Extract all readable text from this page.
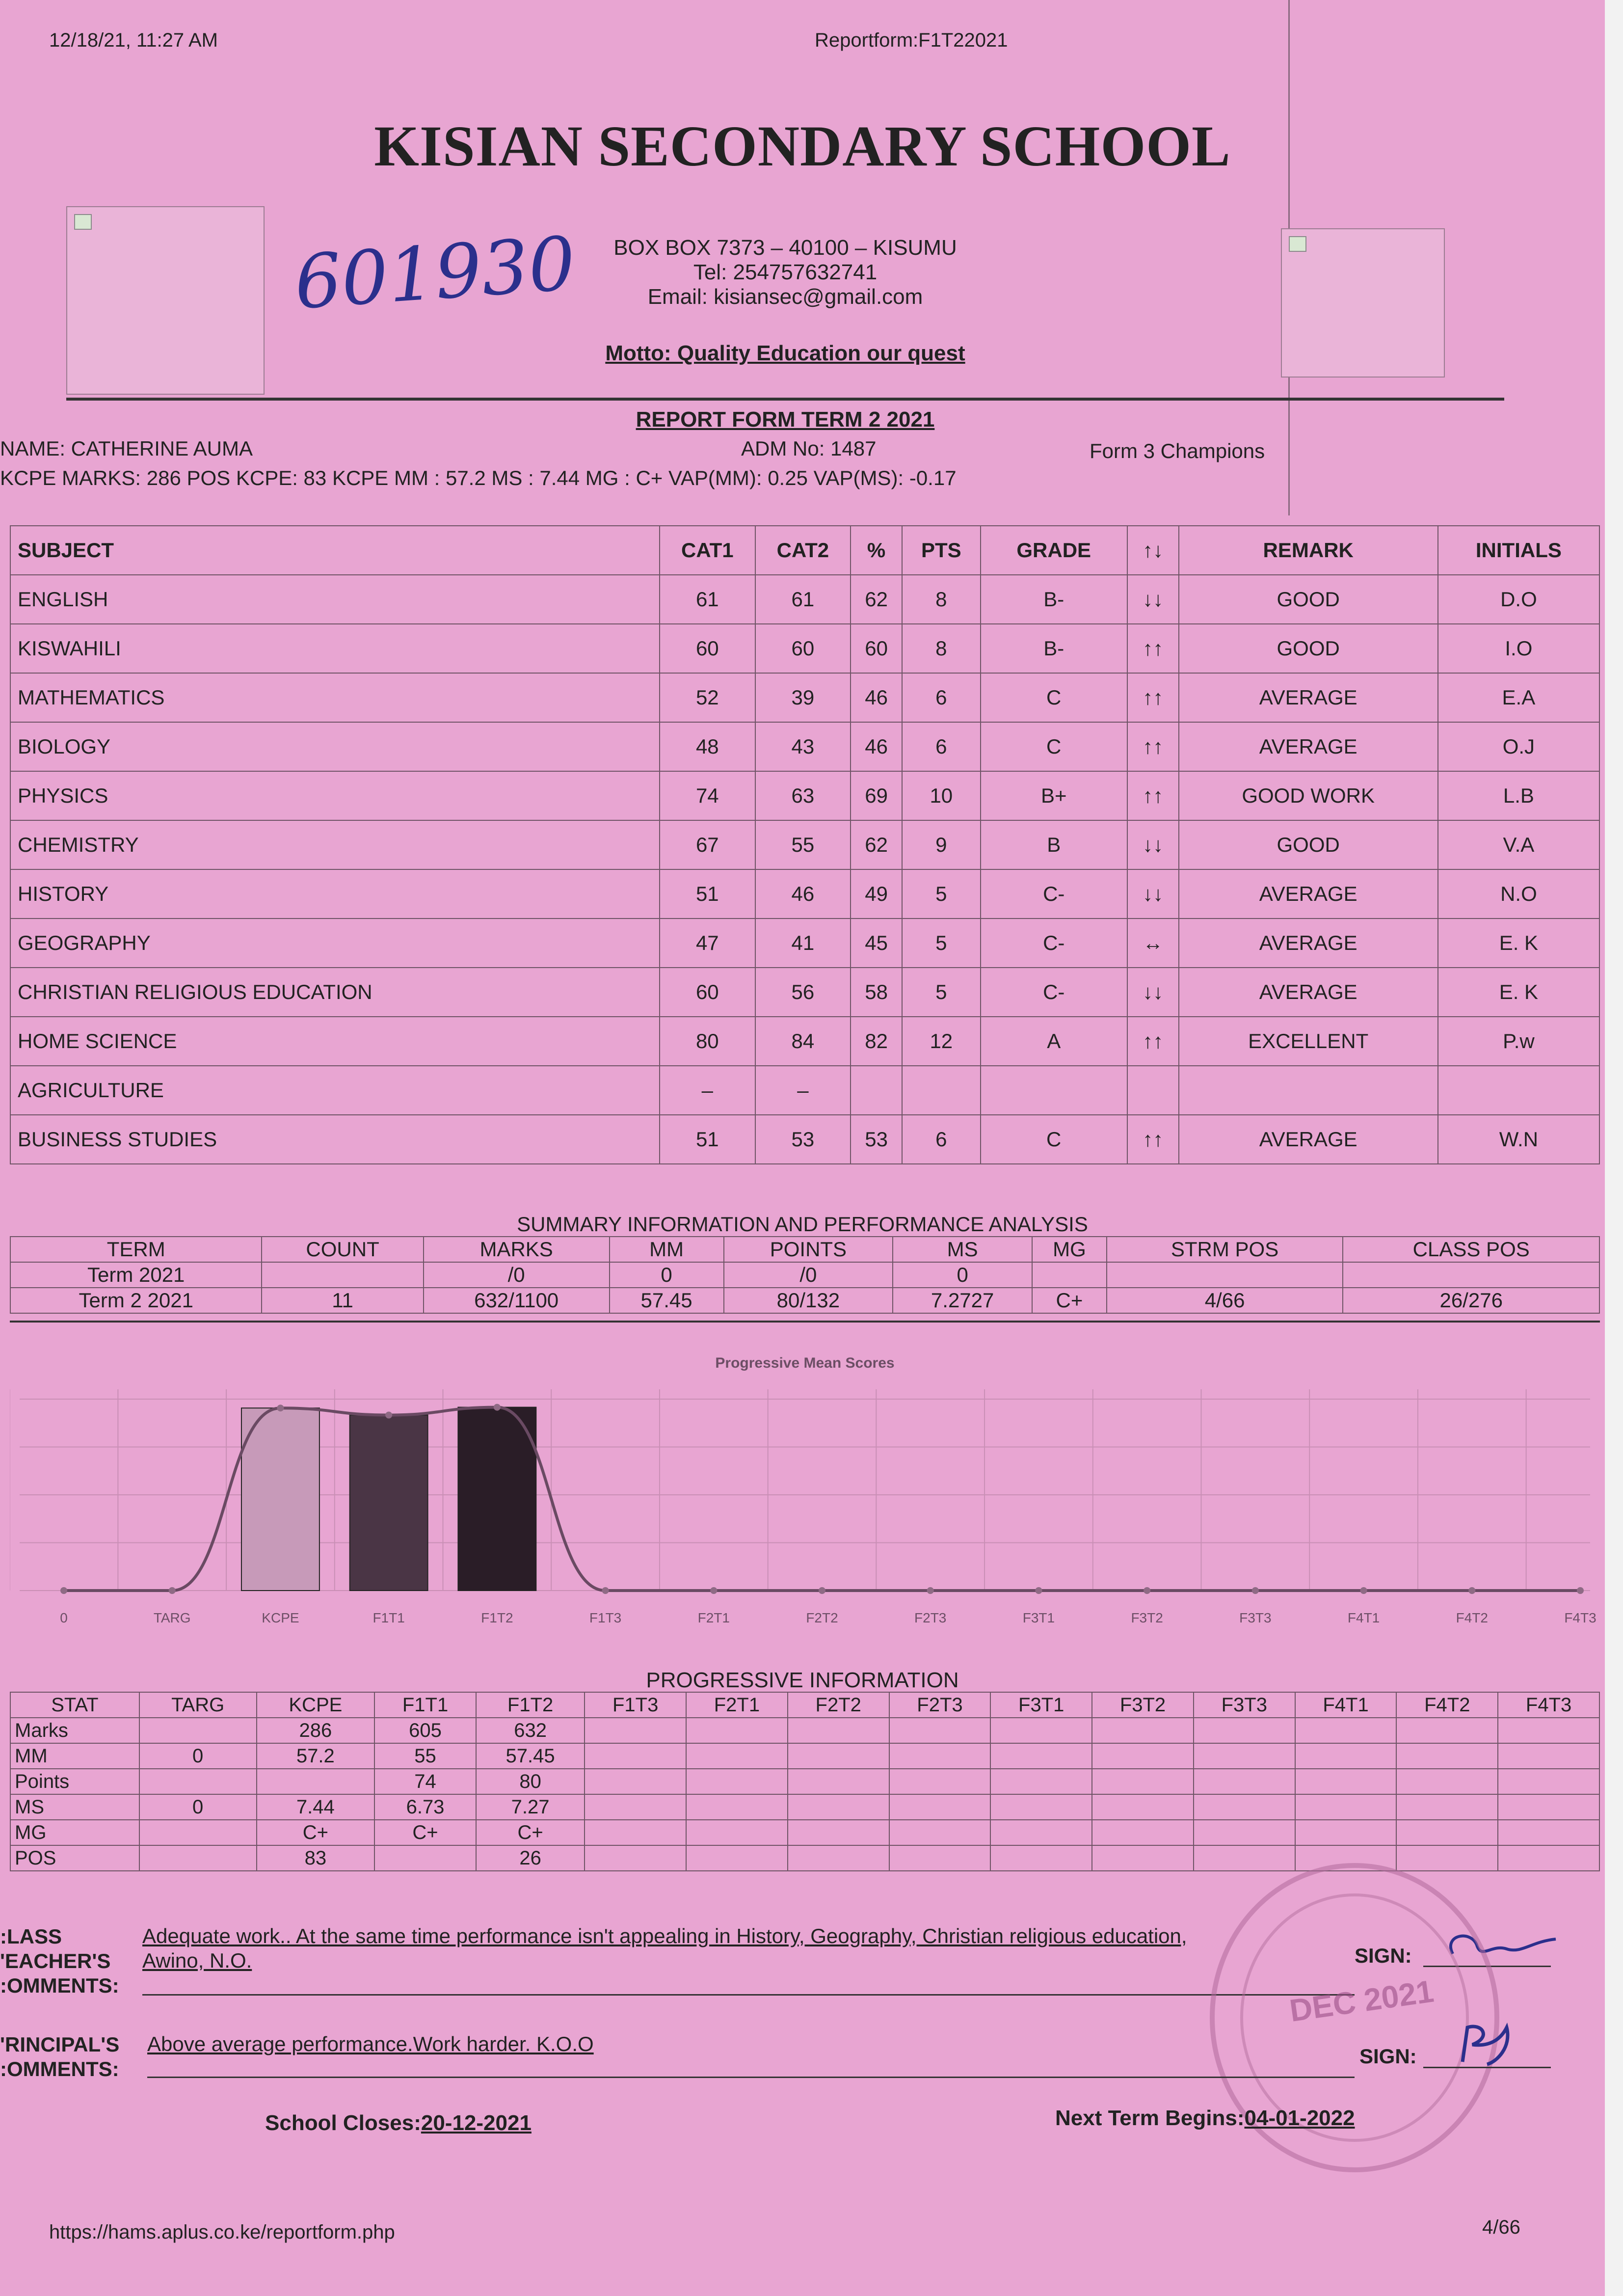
12/18/21, 11:27 AM	Reportform:F1T22021
KISIAN SECONDARY SCHOOL
601930	BOX BOX 7373 – 40100 – KISUMU
Tel: 254757632741
Email: kisiansec@gmail.com
Motto: Quality Education our quest
REPORT FORM TERM 2 2021
NAME: CATHERINE AUMA	ADM No: 1487	Form 3 Champions
KCPE MARKS: 286 POS KCPE: 83 KCPE MM : 57.2 MS : 7.44 MG : C+ VAP(MM): 0.25 VAP(MS): -0.17
SUBJECT	CAT1	CAT2	%	PTS	GRADE	↑↓	REMARK	INITIALS
ENGLISH	61	61	62	8	B-	↓↓	GOOD	D.O
KISWAHILI	60	60	60	8	B-	↑↑	GOOD	I.O
MATHEMATICS	52	39	46	6	C	↑↑	AVERAGE	E.A
BIOLOGY	48	43	46	6	C	↑↑	AVERAGE	O.J
PHYSICS	74	63	69	10	B+	↑↑	GOOD WORK	L.B
CHEMISTRY	67	55	62	9	B	↓↓	GOOD	V.A
HISTORY	51	46	49	5	C-	↓↓	AVERAGE	N.O
GEOGRAPHY	47	41	45	5	C-	↔	AVERAGE	E. K
CHRISTIAN RELIGIOUS EDUCATION	60	56	58	5	C-	↓↓	AVERAGE	E. K
HOME SCIENCE	80	84	82	12	A	↑↑	EXCELLENT	P.w
AGRICULTURE	–	–						
BUSINESS STUDIES	51	53	53	6	C	↑↑	AVERAGE	W.N
SUMMARY INFORMATION AND PERFORMANCE ANALYSIS
TERM	COUNT	MARKS	MM	POINTS	MS	MG	STRM POS	CLASS POS
Term 2021		/0	0	/0	0			
Term 2 2021	11	632/1100	57.45	80/132	7.2727	C+	4/66	26/276
Progressive Mean Scores
0	TARG	KCPE	F1T1	F1T2	F1T3	F2T1	F2T2	F2T3	F3T1	F3T2	F3T3	F4T1	F4T2	F4T3
PROGRESSIVE INFORMATION
STAT	TARG	KCPE	F1T1	F1T2	F1T3	F2T1	F2T2	F2T3	F3T1	F3T2	F3T3	F4T1	F4T2	F4T3
Marks		286	605	632										
MM	0	57.2	55	57.45										
Points			74	80										
MS	0	7.44	6.73	7.27										
MG		C+	C+	C+										
POS		83		26										
:LASS
'EACHER'S
:OMMENTS:
Adequate work.. At the same time performance isn't appealing in History, Geography, Christian religious education,
Awino, N.O.	SIGN:
DEC 2021
'RINCIPAL'S
:OMMENTS:
Above average performance.Work harder. K.O.O
SIGN:
School Closes:20-12-2021	Next Term Begins:04-01-2022
https://hams.aplus.co.ke/reportform.php	4/66
